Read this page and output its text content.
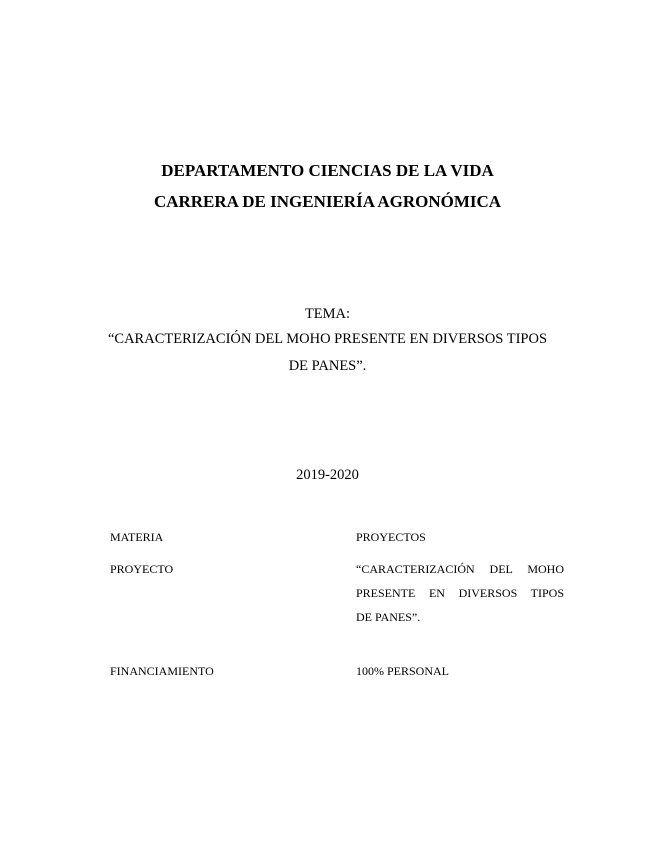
DEPARTAMENTO CIENCIAS DE LA VIDA
CARRERA DE INGENIERÍA AGRONÓMICA
TEMA:
“CARACTERIZACIÓN DEL MOHO PRESENTE EN DIVERSOS TIPOS
DE PANES”.
2019-2020
MATERIA	PROYECTOS
PROYECTO	“CARACTERIZACIÓN DEL MOHO
PRESENTE EN DIVERSOS TIPOS
DE PANES”.
FINANCIAMIENTO	100% PERSONAL
